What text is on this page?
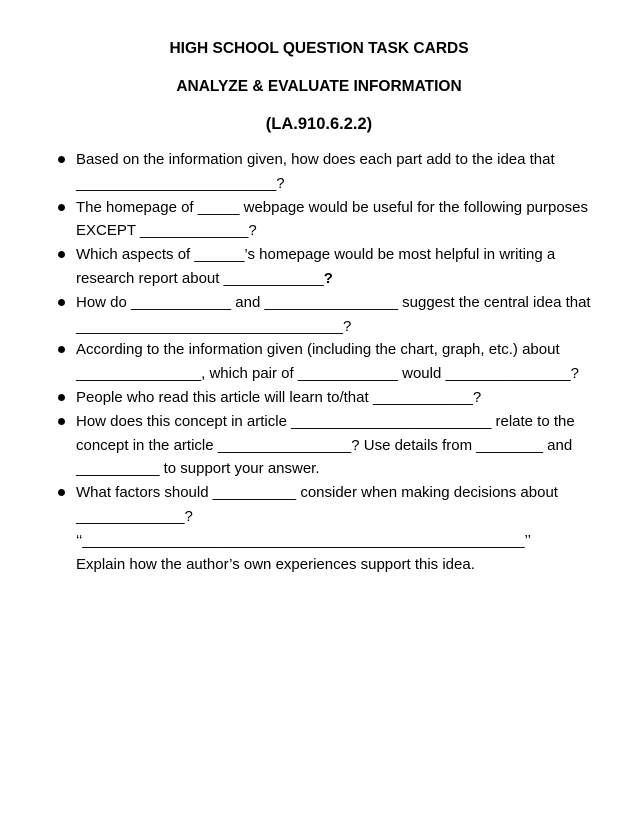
HIGH SCHOOL QUESTION TASK CARDS
ANALYZE & EVALUATE INFORMATION
(LA.910.6.2.2)
Based on the information given, how does each part add to the idea that
________________________?
The homepage of _____ webpage would be useful for the following purposes
EXCEPT _____________?
Which aspects of ______’s homepage would be most helpful in writing a
research report about ____________?
How do ____________ and ________________ suggest the central idea that
________________________________?
According to the information given (including the chart, graph, etc.) about
_______________, which pair of ____________ would _______________?
People who read this article will learn to/that ____________?
How does this concept in article ________________________ relate to the
concept in the article ________________? Use details from ________ and
__________ to support your answer.
What factors should __________ consider when making decisions about
_____________?
‘‘_____________________________________________________’’
Explain how the author’s own experiences support this idea.
